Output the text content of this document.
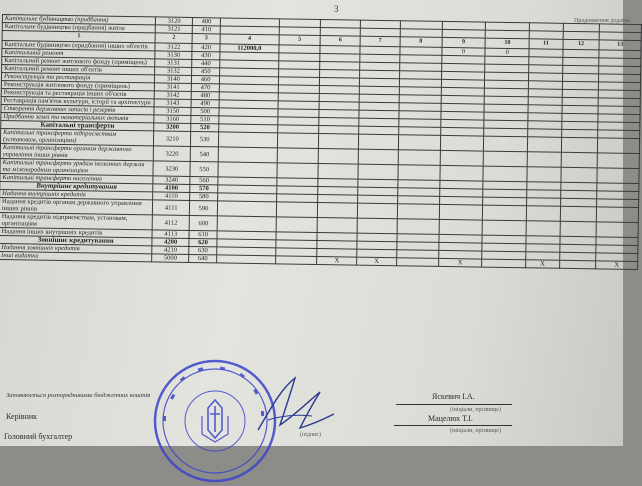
3
Продовження додатка
Капітальне будівництво (придбання)	3120	400										
Капітальне будівництво (придбання) житла	3121	410										
1	2	3	4	5	6	7	8	9	10	11	12	13
Капітальне будівництво (придбання) інших об'єктів	3122	420	112000,0					0	0			
Капітальний ремонт	3130	430										
Капітальний ремонт житлового фонду (приміщень)	3131	440										
Капітальний ремонт інших об'єктів	3132	450										
Реконструкція та реставрація	3140	460										
Реконструкція житлового фонду (приміщень)	3141	470										
Реконструкція та реставрація інших об'єктів	3142	480										
Реставрація пам'яток культури, історії та архітектури	3143	490										
Створення державних запасів і резервів	3150	500										
Придбання землі та нематеріальних активів	3160	510										
Капітальні трансферти	3200	520										
Капітальні трансферти підприємствам (установам, організаціям)	3210	530										
Капітальні трансферти органам державного управління інших рівнів	3220	540										
Капітальні трансферти урядам іноземних держав та міжнародним організаціям	3230	550										
Капітальні трансферти населенню	3240	560										
Внутрішнє кредитування	4100	570										
Надання внутрішніх кредитів	4110	580										
Надання кредитів органам державного управління інших рівнів	4111	590										
Надання кредитів підприємствам, установам, організаціям	4112	600										
Надання інших внутрішніх кредитів	4113	610										
Зовнішнє кредитування	4200	620										
Надання зовнішніх кредитів	4210	630										
Інші видатки	5000	640			X	X		X		X		X
Заповнюється розпорядниками бюджетних коштів
Керівник
Головний бухгалтер
Яскевич І.А.
(ініціали, прізвище)
Мацелюх Т.І.
(ініціали, прізвище)
(підпис)
